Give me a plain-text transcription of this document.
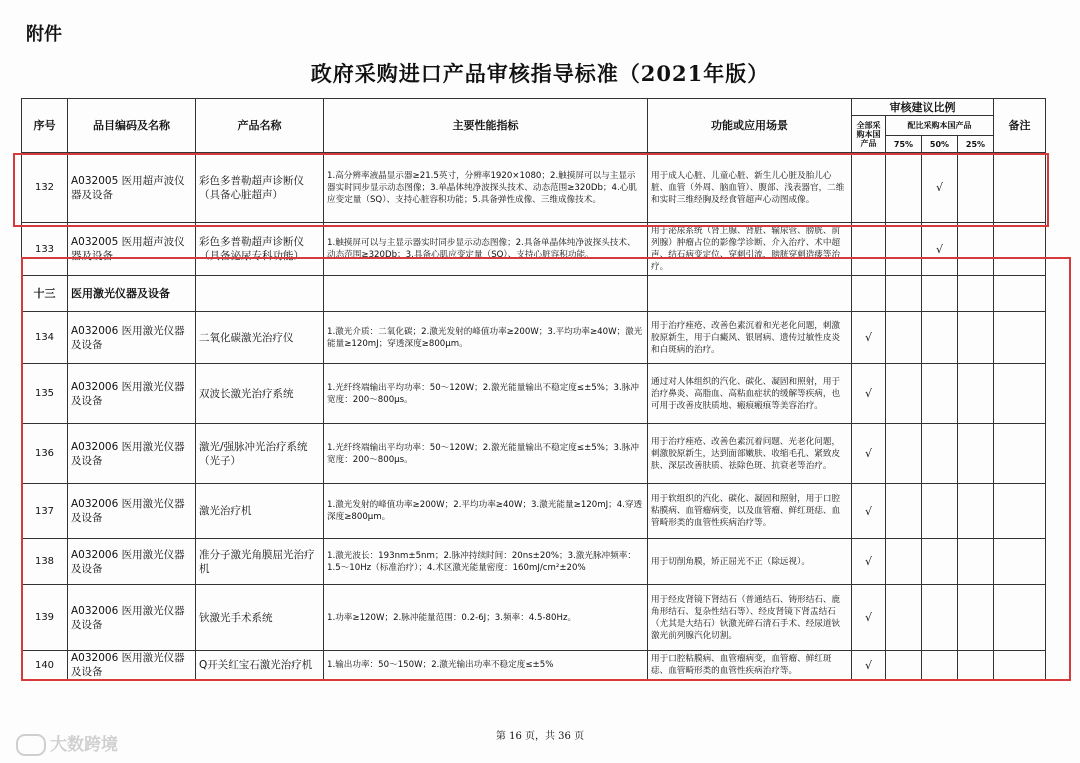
附件
政府采购进口产品审核指导标准（2021年版）
序号	品目编码及名称	产品名称	主要性能指标	功能或应用场景	审核建议比例				备注
					全部采购本国产品	配比采购本国产品			
						75%	50%	25%	
132	A032005 医用超声波仪器及设备	彩色多普勒超声诊断仪（具备心脏超声）	1.高分辨率液晶显示器≥21.5英寸，分辨率1920×1080；2.触摸屏可以与主显示器实时同步显示动态图像；3.单晶体纯净波探头技术、动态范围≥320Db；4.心肌应变定量（SQ）、支持心脏容积功能；5.具备弹性成像、三维成像技术。	用于成人心脏、儿童心脏、新生儿心脏及胎儿心脏、血管（外周、脑血管）、腹部、浅表器官，二维和实时三维经胸及经食管超声心动图成像。			√		
133	A032005 医用超声波仪器及设备	彩色多普勒超声诊断仪（具备泌尿专科功能）	1.触摸屏可以与主显示器实时同步显示动态图像；2.具备单晶体纯净波探头技术、动态范围≥320Db；3.具备心肌应变定量（SQ）、支持心脏容积功能。	用于泌尿系统（肾上腺、肾脏、输尿管、膀胱、前列腺）肿瘤占位的影像学诊断、介入治疗、术中超声、结石病变定位、穿刺引流，膀胱穿刺造瘘等治疗。			√		
十三	医用激光仪器及设备								
134	A032006 医用激光仪器及设备	二氧化碳激光治疗仪	1.激光介质：二氧化碳；2.激光发射的峰值功率≥200W；3.平均功率≥40W；激光能量≥120mJ；穿透深度≥800μm。	用于治疗痤疮、改善色素沉着和光老化问题，刺激胶原新生，用于白癜风、银屑病、遗传过敏性皮炎和白斑病的治疗。	√				
135	A032006 医用激光仪器及设备	双波长激光治疗系统	1.光纤终端输出平均功率：50～120W；2.激光能量输出不稳定度≤±5%；3.脉冲宽度：200～800μs。	通过对人体组织的汽化、碳化、凝固和照射，用于治疗鼻炎、高脂血、高粘血症状的缓解等疾病，也可用于改善皮肤质地、瘢痕瘢痕等美容治疗。	√				
136	A032006 医用激光仪器及设备	激光/强脉冲光治疗系统（光子）	1.光纤终端输出平均功率：50～120W；2.激光能量输出不稳定度≤±5%；3.脉冲宽度：200～800μs。	用于治疗痤疮、改善色素沉着问题、光老化问题，刺激胶原新生，达到面部嫩肤、收缩毛孔、紧致皮肤、深层改善肤质、祛除色斑、抗衰老等治疗。	√				
137	A032006 医用激光仪器及设备	激光治疗机	1.激光发射的峰值功率≥200W；2.平均功率≥40W；3.激光能量≥120mJ；4.穿透深度≥800μm。	用于软组织的汽化、碳化、凝固和照射，用于口腔粘膜病、血管瘤病变，以及血管瘤、鲜红斑痣、血管畸形类的血管性疾病治疗等。	√				
138	A032006 医用激光仪器及设备	准分子激光角膜屈光治疗机	1.激光波长：193nm±5nm；2.脉冲持续时间：20ns±20%；3.激光脉冲频率：1.5～10Hz（标准治疗）；4.术区激光能量密度：160mJ/cm²±20%	用于切削角膜，矫正屈光不正（除远视）。	√				
139	A032006 医用激光仪器及设备	钬激光手术系统	1.功率≥120W；2.脉冲能量范围：0.2-6J；3.频率：4.5-80Hz。	用于经皮肾镜下肾结石（普通结石、铸形结石、鹿角形结石、复杂性结石等）、经皮肾镜下肾盂结石（尤其是大结石）钬激光碎石清石手术、经尿道钬激光前列腺汽化切割。	√				
140	A032006 医用激光仪器及设备	Q开关红宝石激光治疗机	1.输出功率：50～150W；2.激光输出功率不稳定度≤±5%	用于口腔粘膜病、血管瘤病变，血管瘤、鲜红斑痣、血管畸形类的血管性疾病治疗等。	√				
第 16 页，共 36 页
大数跨境
